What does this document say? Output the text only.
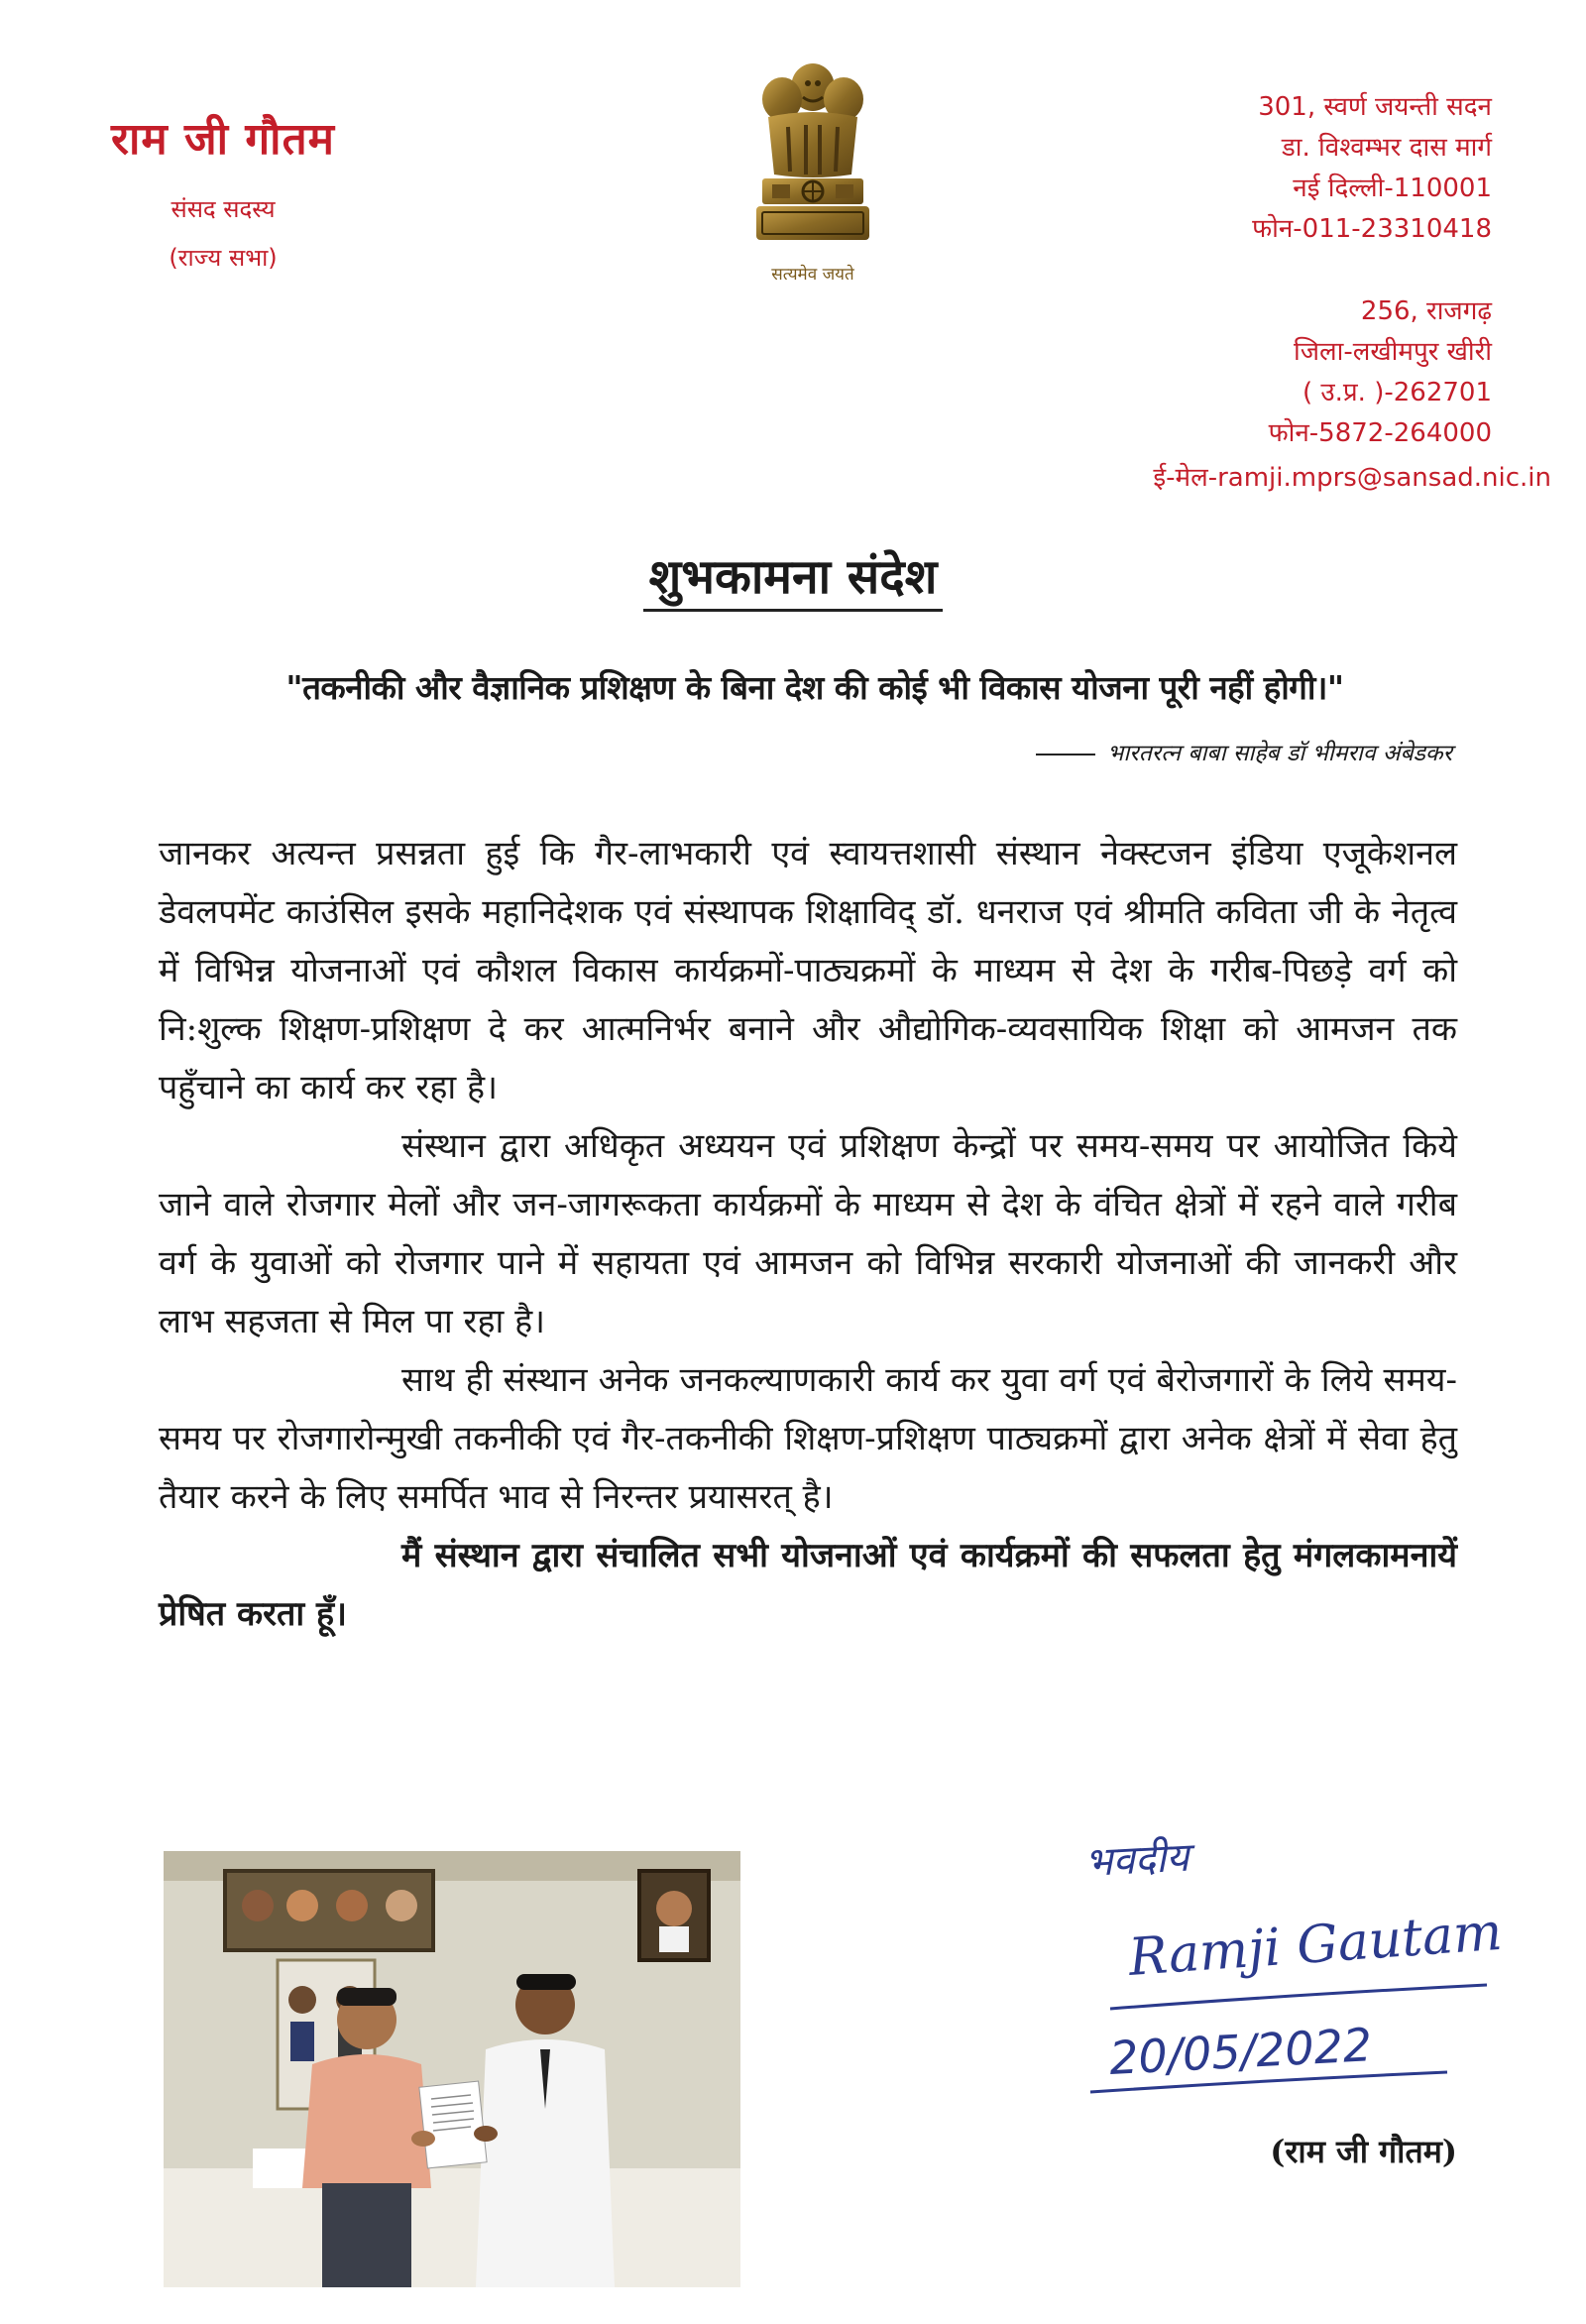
राम जी गौतम
संसद सदस्य
(राज्य सभा)
सत्यमेव जयते
301, स्वर्ण जयन्ती सदन
डा. विश्वम्भर दास मार्ग
नई दिल्ली-110001
फोन-011-23310418
256, राजगढ़
जिला-लखीमपुर खीरी
( उ.प्र. )-262701
फोन-5872-264000
ई-मेल-ramji.mprs@sansad.nic.in
शुभकामना संदेश
"तकनीकी और वैज्ञानिक प्रशिक्षण के बिना देश की कोई भी विकास योजना पूरी नहीं होगी।"
भारतरत्न बाबा साहेब डॉ भीमराव अंबेडकर

जानकर अत्यन्त प्रसन्नता हुई कि गैर-लाभकारी एवं स्वायत्तशासी संस्थान नेक्स्टजन इंडिया एजूकेशनल डेवलपमेंट काउंसिल इसके महानिदेशक एवं संस्थापक शिक्षाविद् डॉ. धनराज एवं श्रीमति कविता जी के नेतृत्व में विभिन्न योजनाओं एवं कौशल विकास कार्यक्रमों-पाठ्यक्रमों के माध्यम से देश के गरीब-पिछड़े वर्ग को नि:शुल्क शिक्षण-प्रशिक्षण दे कर आत्मनिर्भर बनाने और औद्योगिक-व्यवसायिक शिक्षा को आमजन तक पहुँचाने का कार्य कर रहा है।

संस्थान द्वारा अधिकृत अध्ययन एवं प्रशिक्षण केन्द्रों पर समय-समय पर आयोजित किये जाने वाले रोजगार मेलों और जन-जागरूकता कार्यक्रमों के माध्यम से देश के वंचित क्षेत्रों में रहने वाले गरीब वर्ग के युवाओं को रोजगार पाने में सहायता एवं आमजन को विभिन्न सरकारी योजनाओं की जानकरी और लाभ सहजता से मिल पा रहा है।

साथ ही संस्थान अनेक जनकल्याणकारी कार्य कर युवा वर्ग एवं बेरोजगारों के लिये समय-समय पर रोजगारोन्मुखी तकनीकी एवं गैर-तकनीकी शिक्षण-प्रशिक्षण पाठ्यक्रमों द्वारा अनेक क्षेत्रों में सेवा हेतु तैयार करने के लिए समर्पित भाव से निरन्तर प्रयासरत् है।

मैं संस्थान द्वारा संचालित सभी योजनाओं एवं कार्यक्रमों की सफलता हेतु मंगलकामनायें प्रेषित करता हूँ।

भवदीय
Ramji Gautam
20/05/2022
(राम जी गौतम)
